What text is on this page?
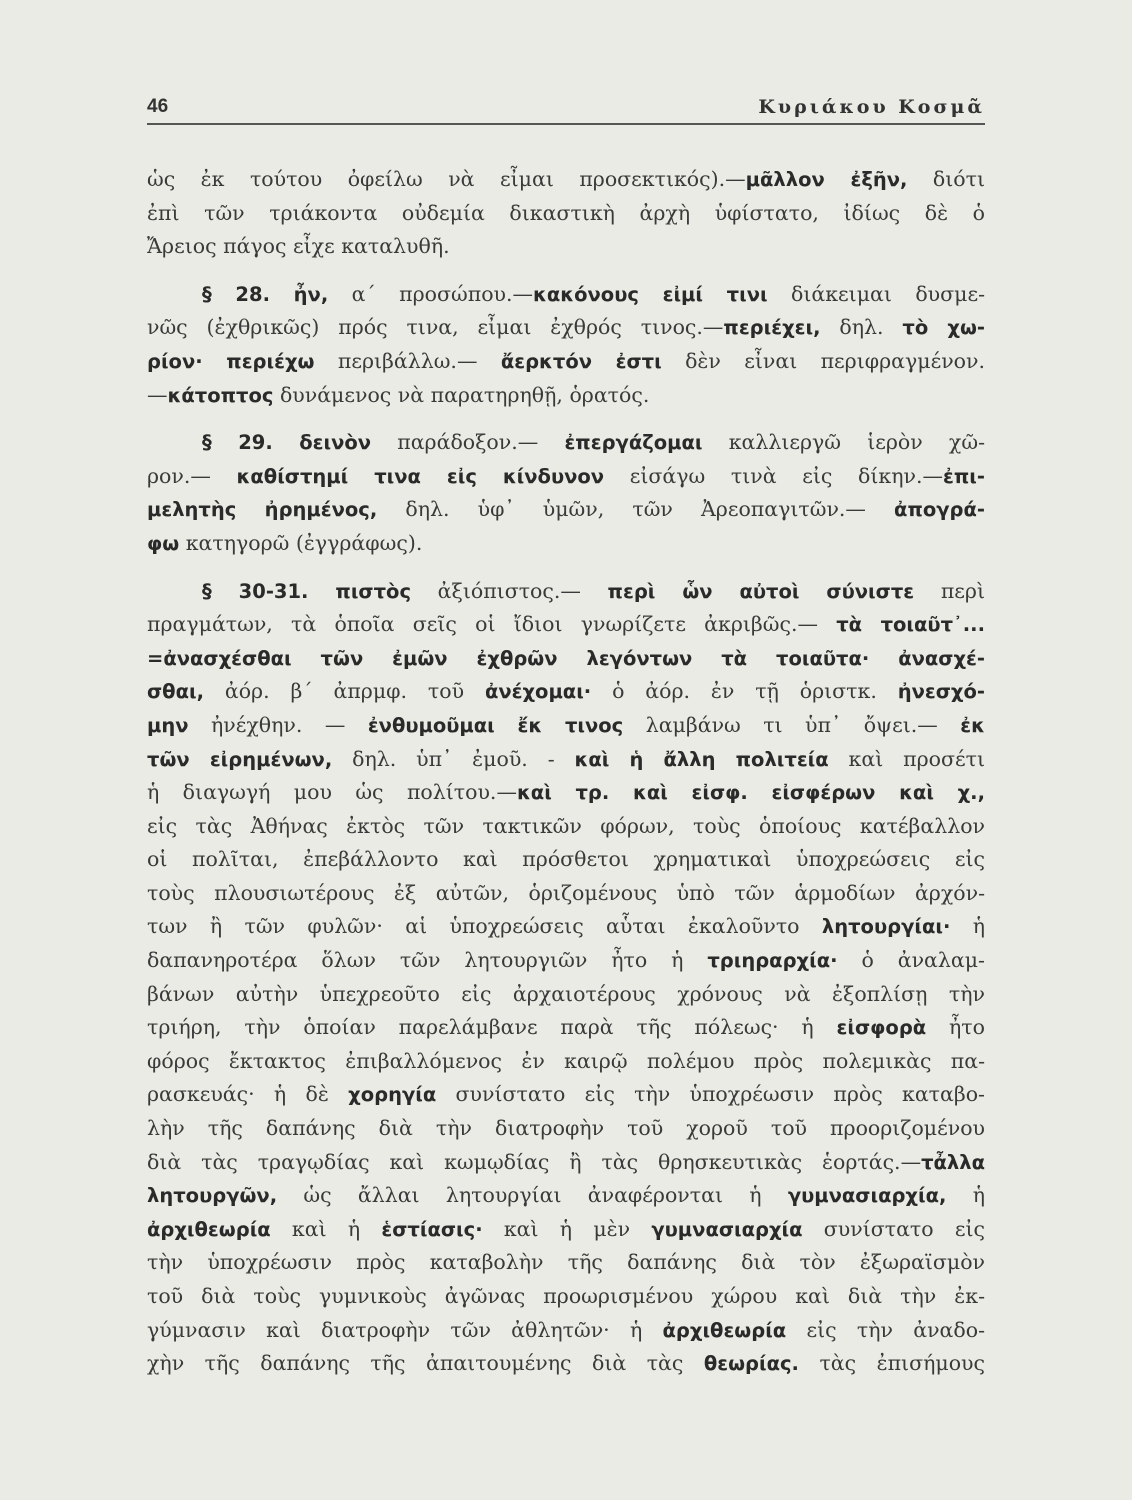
46	Κυριάκου Κοσμᾶ
ὡς ἐκ τούτου ὀφείλω νὰ εἶμαι προσεκτικός).—μᾶλλον ἐξῆν, διότι
ἐπὶ τῶν τριάκοντα οὐδεμία δικαστικὴ ἀρχὴ ὑφίστατο, ἰδίως δὲ ὁ
Ἄρειος πάγος εἶχε καταλυθῆ.
§ 28. ἦν, α΄ προσώπου.—κακόνους εἰμί τινι διάκειμαι δυσμε-
νῶς (ἐχθρικῶς) πρός τινα, εἶμαι ἐχθρός τινος.—περιέχει, δηλ. τὸ χω-
ρίον· περιέχω περιβάλλω.— ἄερκτόν ἐστι δὲν εἶναι περιφραγμένον.
—κάτοπτος δυνάμενος νὰ παρατηρηθῇ, ὁρατός.
§ 29. δεινὸν παράδοξον.— ἐπεργάζομαι καλλιεργῶ ἱερὸν χῶ-
ρον.— καθίστημί τινα εἰς κίνδυνον εἰσάγω τινὰ εἰς δίκην.—ἐπι-
μελητὴς ἠρημένος, δηλ. ὑφ᾽ ὑμῶν, τῶν Ἀρεοπαγιτῶν.— ἀπογρά-
φω κατηγορῶ (ἐγγράφως).
§ 30-31. πιστὸς ἀξιόπιστος.— περὶ ὧν αὐτοὶ σύνιστε περὶ
πραγμάτων, τὰ ὁποῖα σεῖς οἱ ἴδιοι γνωρίζετε ἀκριβῶς.— τὰ τοιαῦτ᾽...
=ἀνασχέσθαι τῶν ἐμῶν ἐχθρῶν λεγόντων τὰ τοιαῦτα· ἀνασχέ-
σθαι, ἀόρ. β΄ ἀπρμφ. τοῦ ἀνέχομαι· ὁ ἀόρ. ἐν τῇ ὁριστκ. ἠνεσχό-
μην ἠνέχθην. — ἐνθυμοῦμαι ἔκ τινος λαμβάνω τι ὑπ᾽ ὄψει.— ἐκ
τῶν εἰρημένων, δηλ. ὑπ᾽ ἐμοῦ. - καὶ ἡ ἄλλη πολιτεία καὶ προσέτι
ἡ διαγωγή μου ὡς πολίτου.—καὶ τρ. καὶ εἰσφ. εἰσφέρων καὶ χ.,
εἰς τὰς Ἀθήνας ἐκτὸς τῶν τακτικῶν φόρων, τοὺς ὁποίους κατέβαλλον
οἱ πολῖται, ἐπεβάλλοντο καὶ πρόσθετοι χρηματικαὶ ὑποχρεώσεις εἰς
τοὺς πλουσιωτέρους ἐξ αὐτῶν, ὁριζομένους ὑπὸ τῶν ἁρμοδίων ἀρχόν-
των ἢ τῶν φυλῶν· αἱ ὑποχρεώσεις αὗται ἐκαλοῦντο λητουργίαι· ἡ
δαπανηροτέρα ὅλων τῶν λητουργιῶν ἦτο ἡ τριηραρχία· ὁ ἀναλαμ-
βάνων αὐτὴν ὑπεχρεοῦτο εἰς ἀρχαιοτέρους χρόνους νὰ ἐξοπλίσῃ τὴν
τριήρη, τὴν ὁποίαν παρελάμβανε παρὰ τῆς πόλεως· ἡ εἰσφορὰ ἦτο
φόρος ἔκτακτος ἐπιβαλλόμενος ἐν καιρῷ πολέμου πρὸς πολεμικὰς πα-
ρασκευάς· ἡ δὲ χορηγία συνίστατο εἰς τὴν ὑποχρέωσιν πρὸς καταβο-
λὴν τῆς δαπάνης διὰ τὴν διατροφὴν τοῦ χοροῦ τοῦ προοριζομένου
διὰ τὰς τραγῳδίας καὶ κωμῳδίας ἢ τὰς θρησκευτικὰς ἑορτάς.—τἆλλα
λητουργῶν, ὡς ἄλλαι λητουργίαι ἀναφέρονται ἡ γυμνασιαρχία, ἡ
ἀρχιθεωρία καὶ ἡ ἑστίασις· καὶ ἡ μὲν γυμνασιαρχία συνίστατο εἰς
τὴν ὑποχρέωσιν πρὸς καταβολὴν τῆς δαπάνης διὰ τὸν ἐξωραϊσμὸν
τοῦ διὰ τοὺς γυμνικοὺς ἀγῶνας προωρισμένου χώρου καὶ διὰ τὴν ἐκ-
γύμνασιν καὶ διατροφὴν τῶν ἀθλητῶν· ἡ ἀρχιθεωρία εἰς τὴν ἀναδο-
χὴν τῆς δαπάνης τῆς ἀπαιτουμένης διὰ τὰς θεωρίας. τὰς ἐπισήμους
